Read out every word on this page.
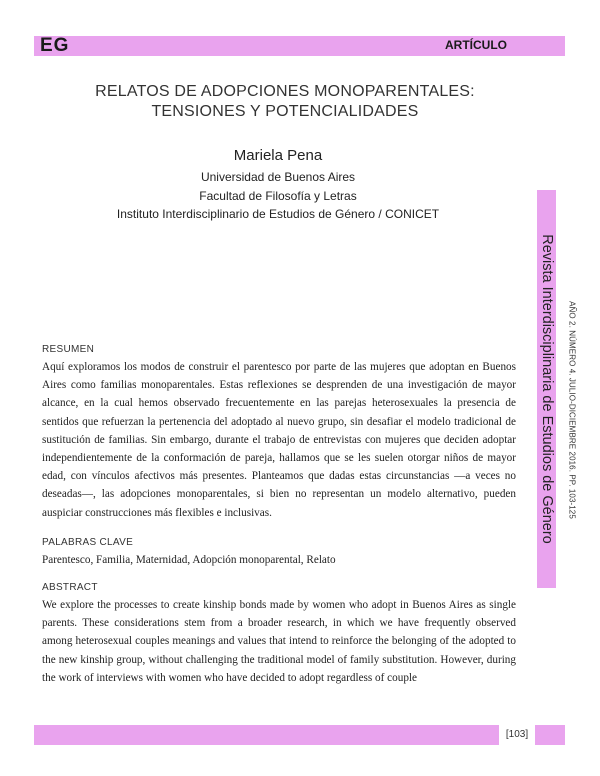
EG	ARTÍCULO
RELATOS DE ADOPCIONES MONOPARENTALES:
TENSIONES Y POTENCIALIDADES
Mariela Pena
Universidad de Buenos Aires
Facultad de Filosofía y Letras
Instituto Interdisciplinario de Estudios de Género / CONICET
Revista Interdisciplinaria de Estudios de Género AÑO 2. NÚMERO 4. JULIO-DICIEMBRE 2016. PP. 103-125
RESUMEN

Aquí exploramos los modos de construir el parentesco por parte de las mujeres que adoptan en Buenos Aires como familias monoparentales. Estas reflexiones se desprenden de una investigación de mayor alcance, en la cual hemos observado frecuentemente en las parejas heterosexuales la presencia de sentidos que refuerzan la pertenencia del adoptado al nuevo grupo, sin desafiar el modelo tradicional de sustitución de familias. Sin embargo, durante el trabajo de entrevistas con mujeres que deciden adoptar independientemente de la conformación de pareja, hallamos que se les suelen otorgar niños de mayor edad, con vínculos afectivos más presentes. Planteamos que dadas estas circunstancias —a veces no deseadas—, las adopciones monoparentales, si bien no representan un modelo alternativo, pueden auspiciar construcciones más flexibles e inclusivas.

PALABRAS CLAVE

Parentesco, Familia, Maternidad, Adopción monoparental, Relato

ABSTRACT

We explore the processes to create kinship bonds made by women who adopt in Buenos Aires as single parents. These considerations stem from a broader research, in which we have frequently observed among heterosexual couples meanings and values that intend to reinforce the belonging of the adopted to the new kinship group, without challenging the traditional model of family substitution. However, during the work of interviews with women who have decided to adopt regardless of couple

[103]
